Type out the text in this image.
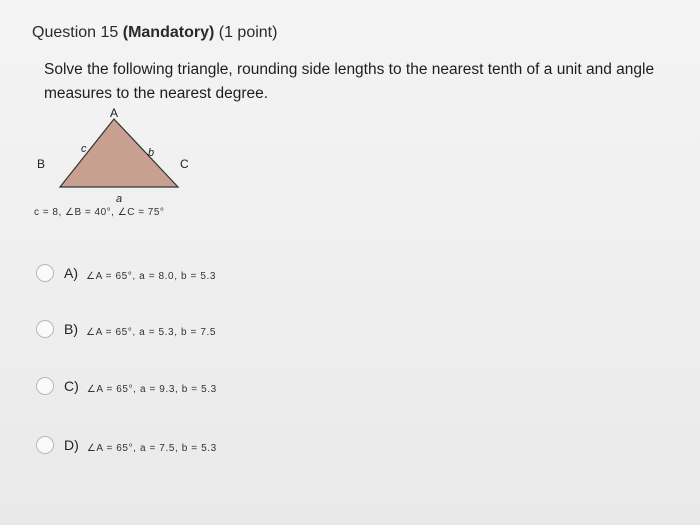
Question 15 (Mandatory) (1 point)
Solve the following triangle, rounding side lengths to the nearest tenth of a unit and angle measures to the nearest degree.
A
B	C
c	b
a
c = 8, ∠B = 40°, ∠C = 75°
A) ∠A = 65°, a = 8.0, b = 5.3
B) ∠A = 65°, a = 5.3, b = 7.5
C) ∠A = 65°, a = 9.3, b = 5.3
D) ∠A = 65°, a = 7.5, b = 5.3
